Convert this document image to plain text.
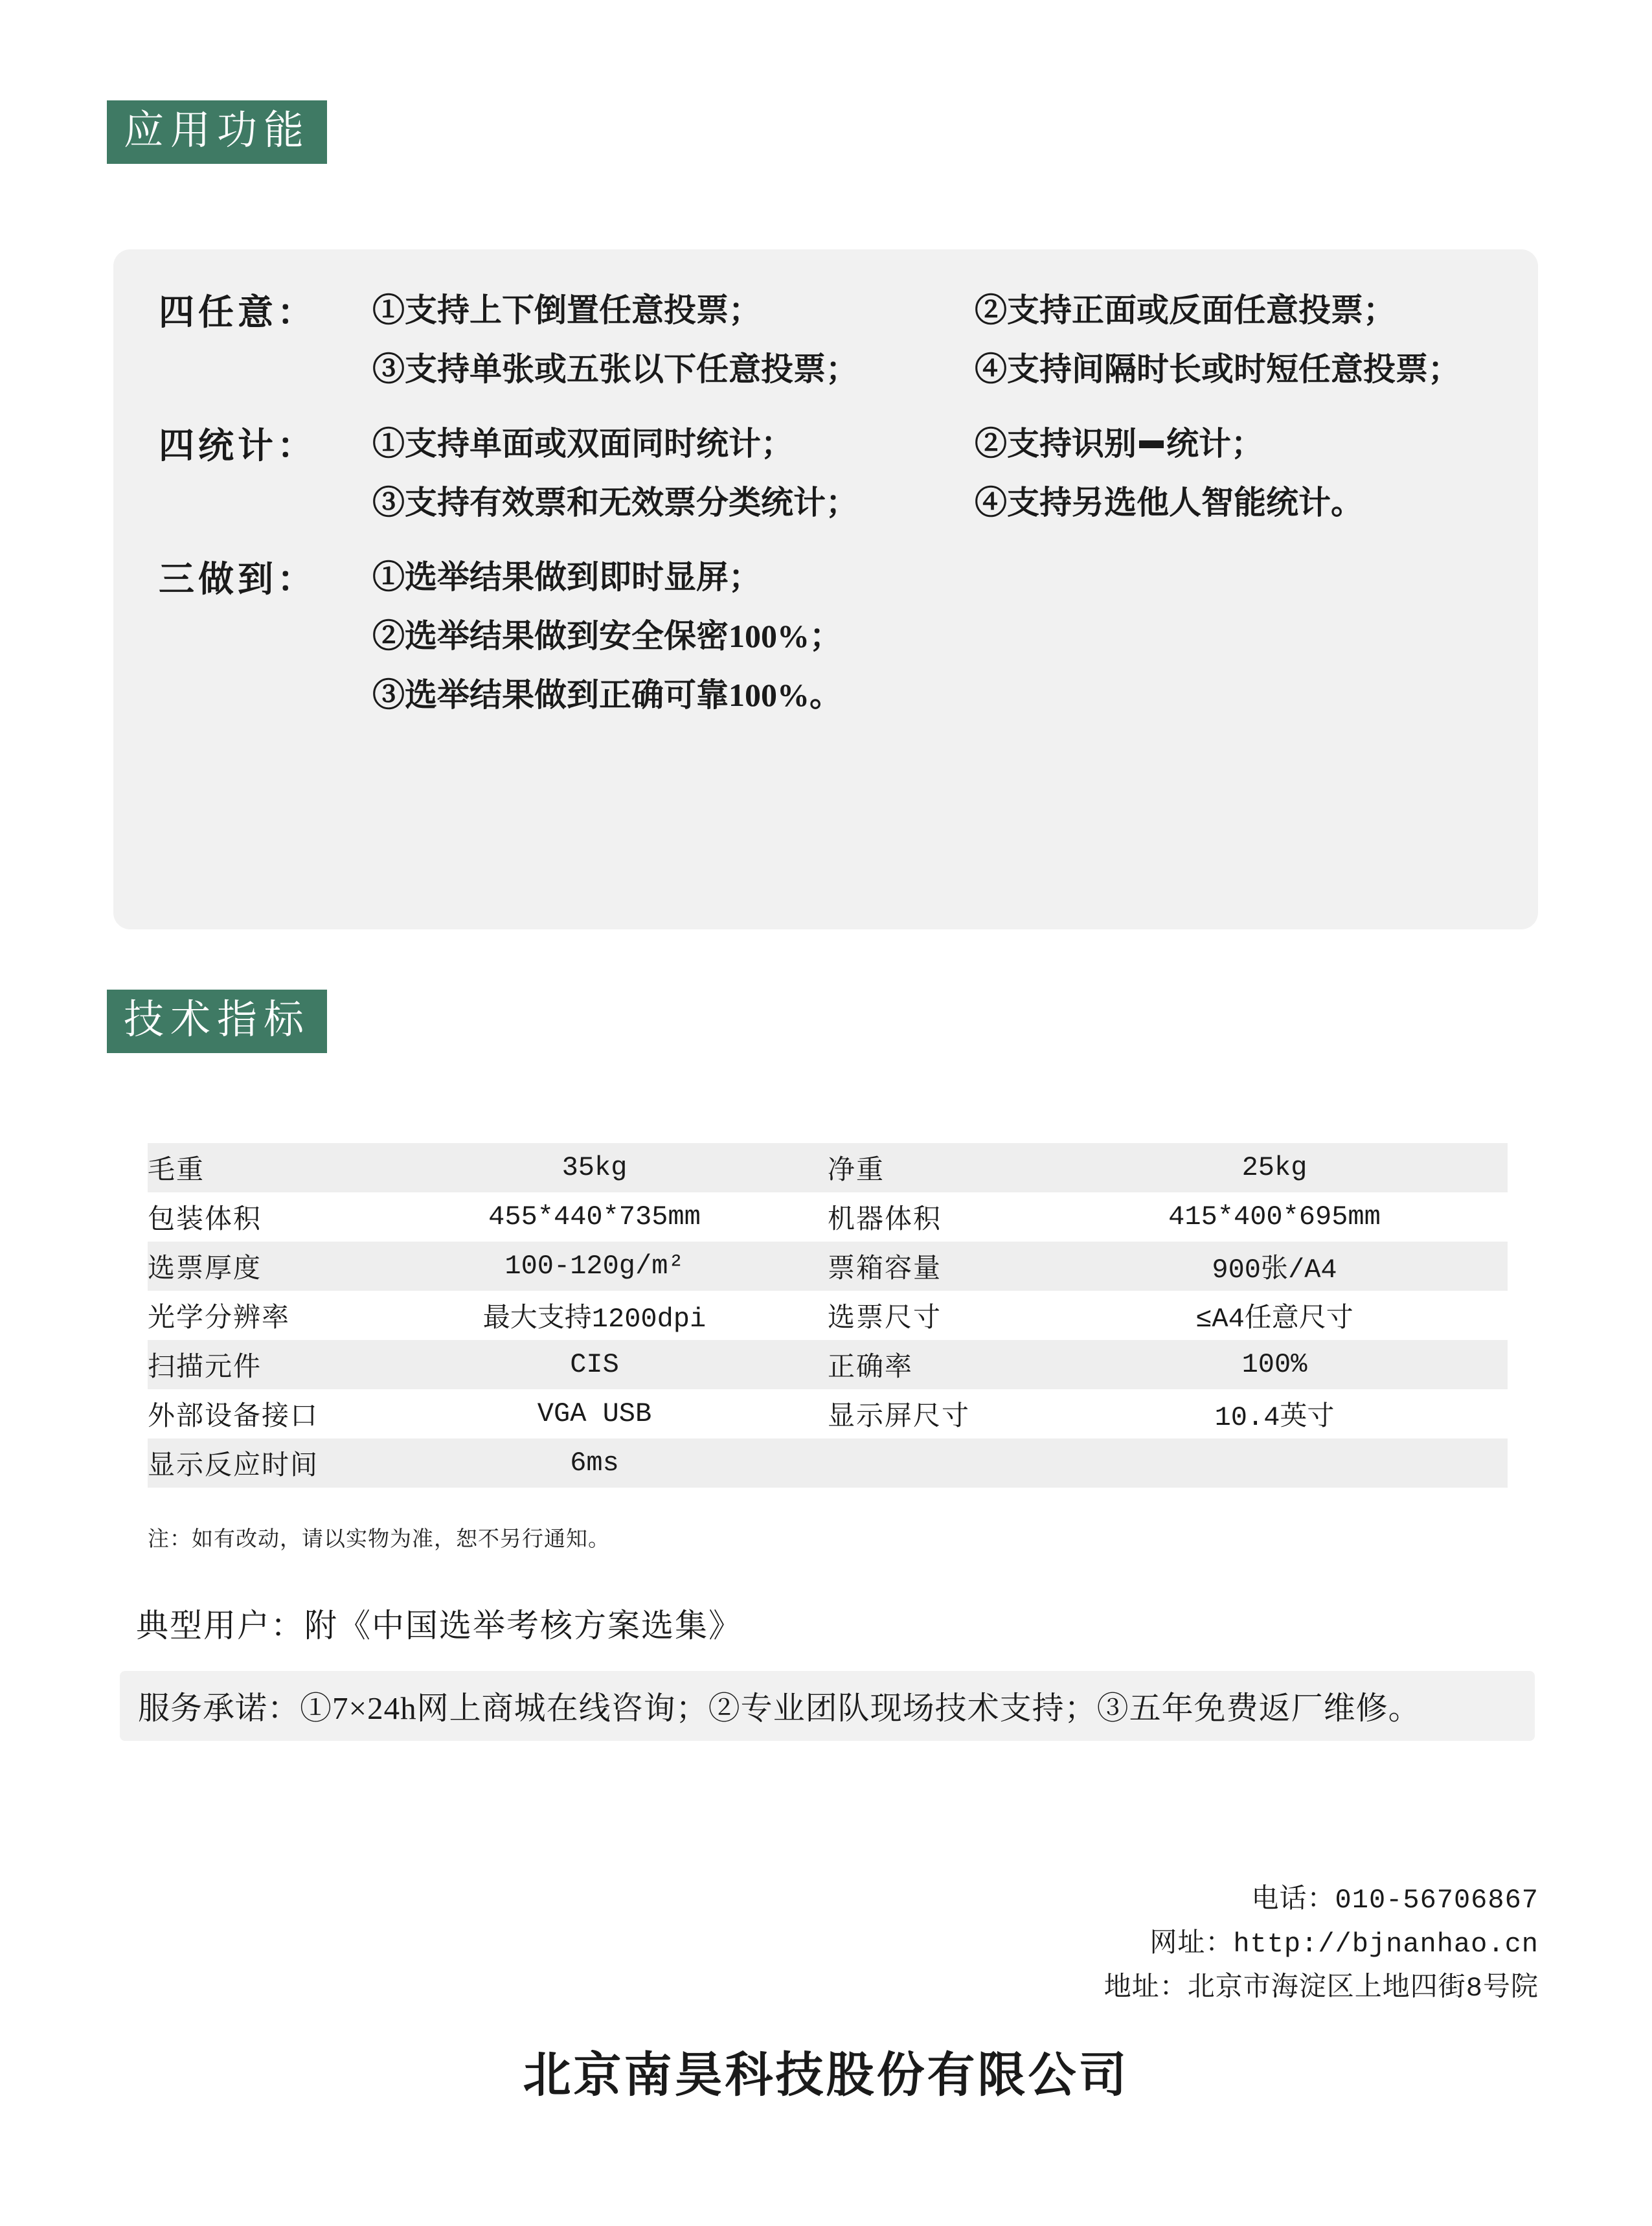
应用功能
四任意：	①支持上下倒置任意投票；	②支持正面或反面任意投票；
③支持单张或五张以下任意投票；	④支持间隔时长或时短任意投票；
四统计：	①支持单面或双面同时统计；	②支持识别 统计；
③支持有效票和无效票分类统计；	④支持另选他人智能统计。
三做到：	①选举结果做到即时显屏；
②选举结果做到安全保密100%；
③选举结果做到正确可靠100%。
技术指标
毛重	35kg	净重	25kg
包装体积	455*440*735mm	机器体积	415*400*695mm
选票厚度	100-120g/m²	票箱容量	900张/A4
光学分辨率	最大支持1200dpi	选票尺寸	≤A4任意尺寸
扫描元件	CIS	正确率	100%
外部设备接口	VGA USB	显示屏尺寸	10.4英寸
显示反应时间	6ms		
注：如有改动，请以实物为准，恕不另行通知。
典型用户：附《中国选举考核方案选集》
服务承诺：①7×24h网上商城在线咨询；②专业团队现场技术支持；③五年免费返厂维修。
电话：010-56706867
网址：http://bjnanhao.cn
地址：北京市海淀区上地四街8号院
北京南昊科技股份有限公司
